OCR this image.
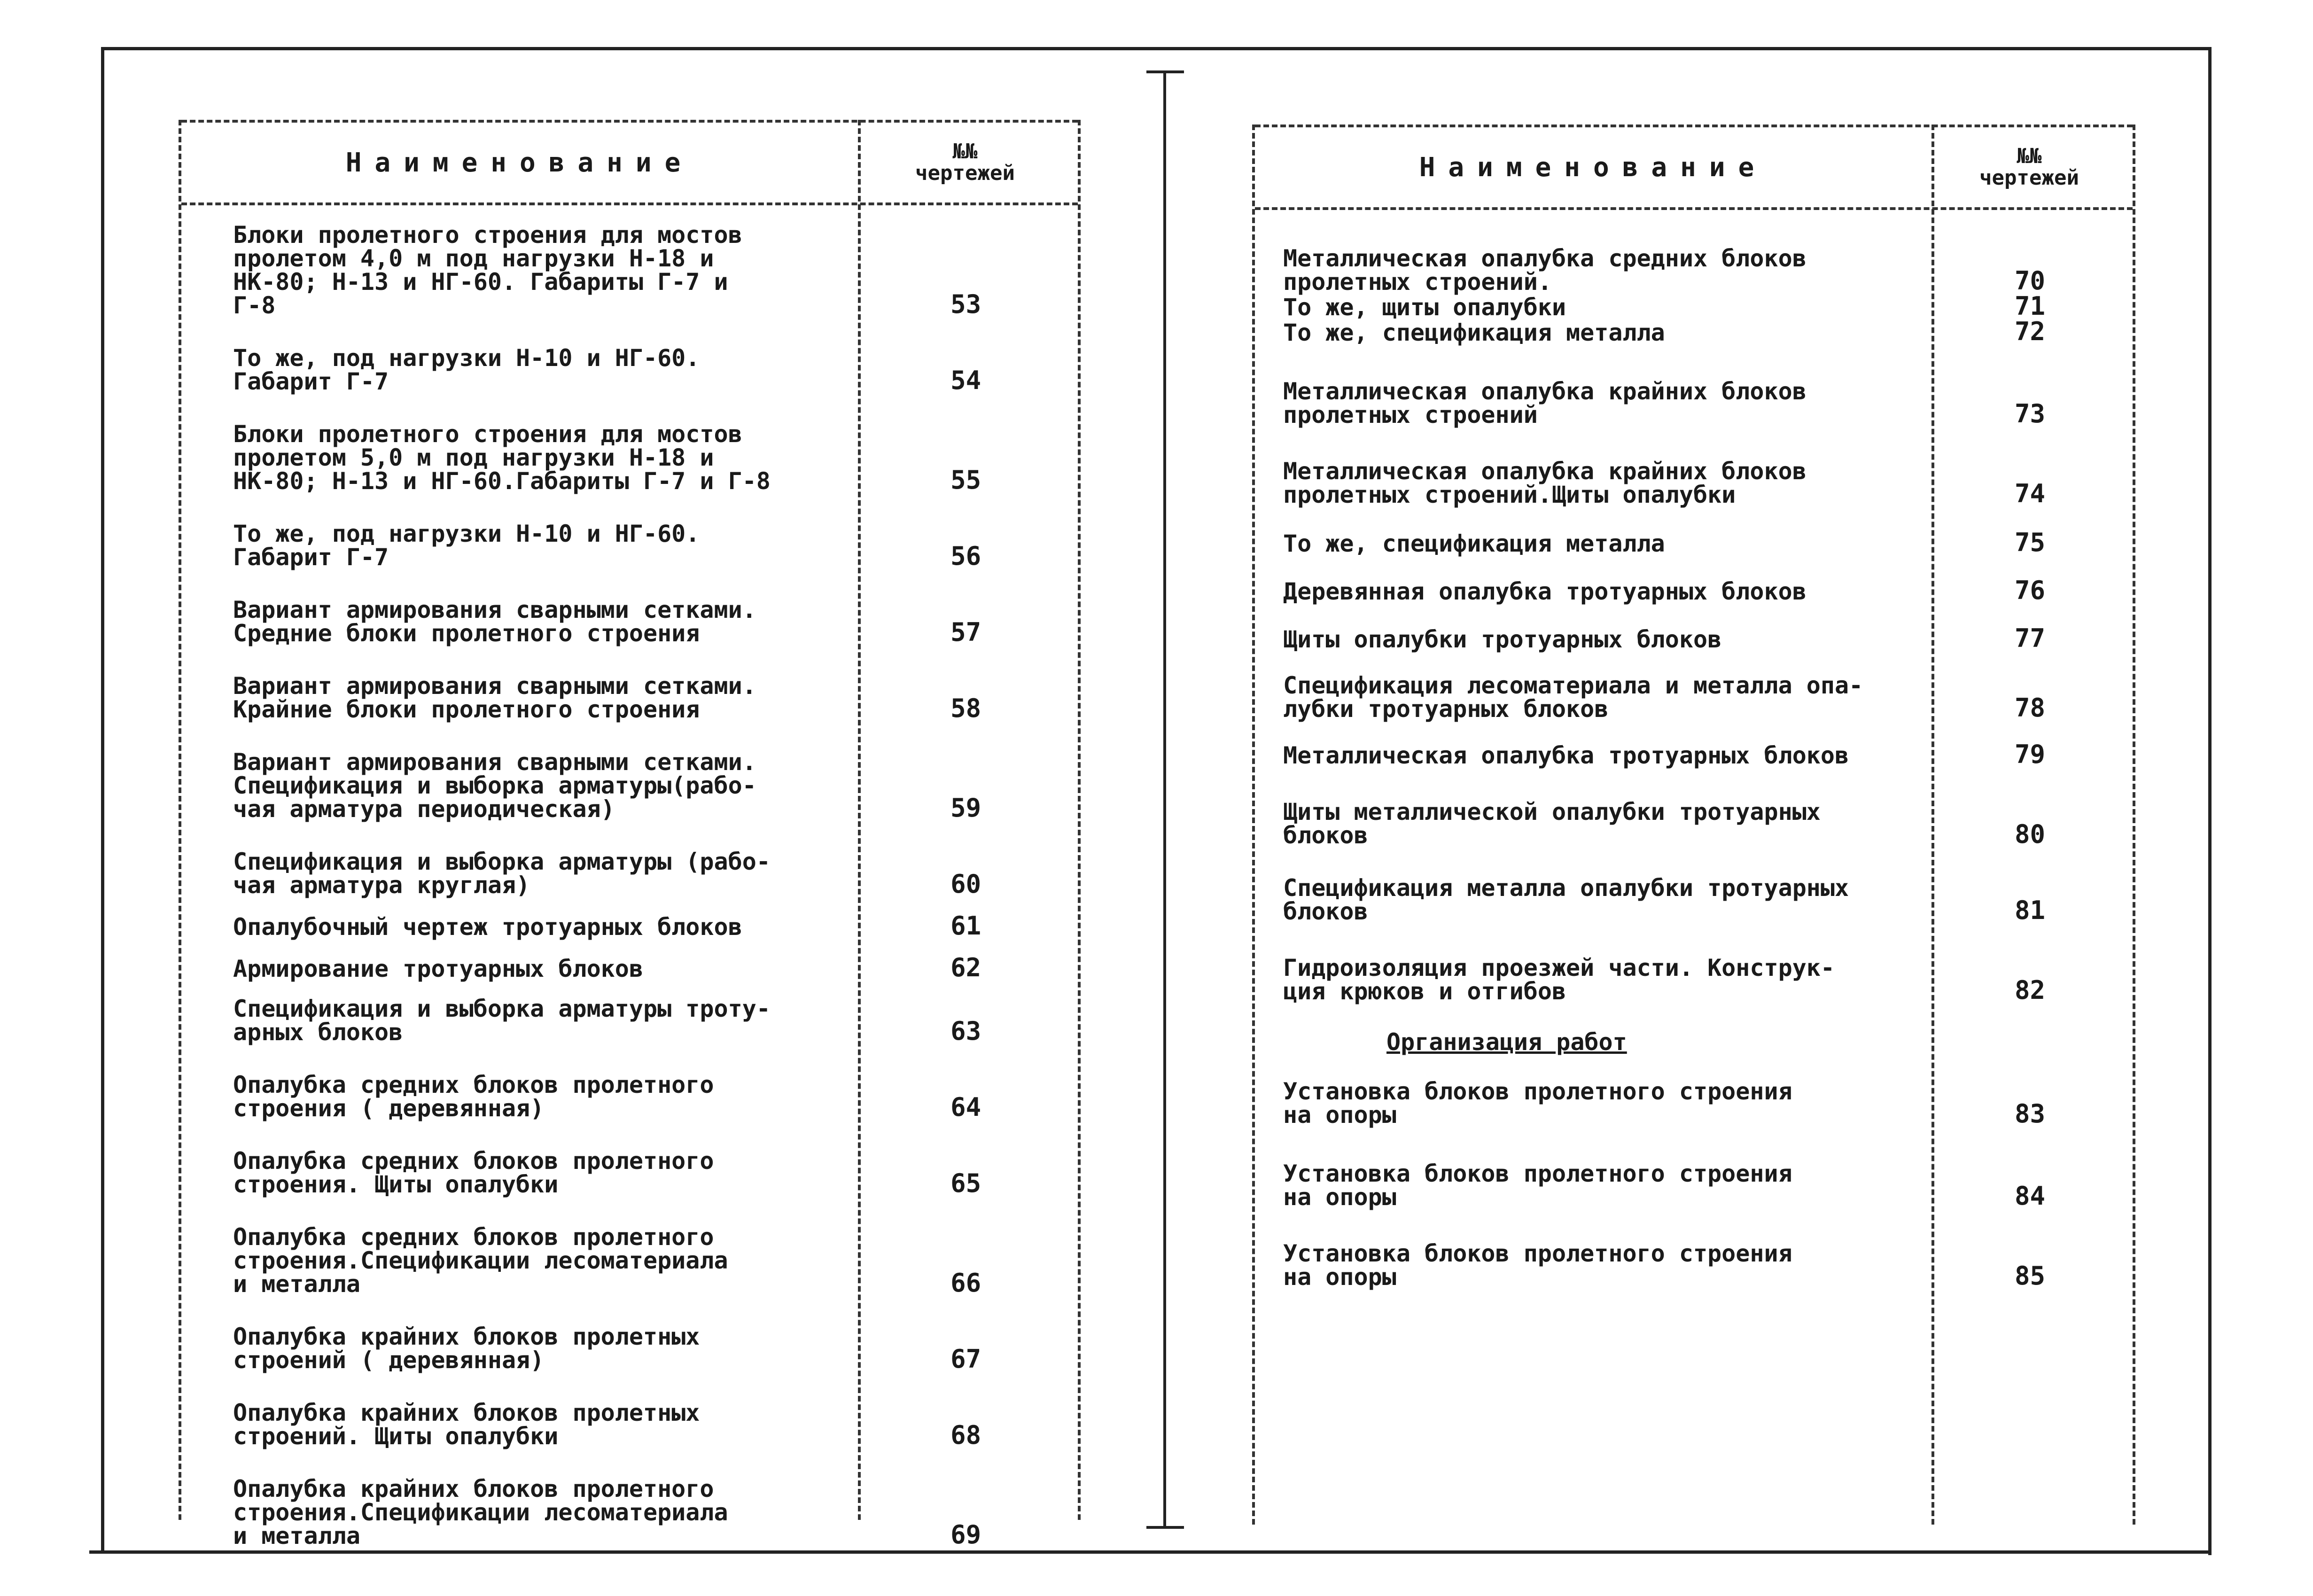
Наименование	№№
чертежей
Блоки пролетного строения для мостов
пролетом 4,0 м под нагрузки Н-18 и
НК-80; Н-13 и НГ-60. Габариты Г-7 и
Г-8	53
То же, под нагрузки Н-10 и НГ-60.
Габарит Г-7	54
Блоки пролетного строения для мостов
пролетом 5,0 м под нагрузки Н-18 и
НК-80; Н-13 и НГ-60.Габариты Г-7 и Г-8	55
То же, под нагрузки Н-10 и НГ-60.
Габарит Г-7	56
Вариант армирования сварными сетками.
Средние блоки пролетного строения	57
Вариант армирования сварными сетками.
Крайние блоки пролетного строения	58
Вариант армирования сварными сетками.
Спецификация и выборка арматуры(рабо-
чая арматура периодическая)	59
Спецификация и выборка арматуры (рабо-
чая арматура круглая)	60
Опалубочный чертеж тротуарных блоков	61
Армирование тротуарных блоков	62
Спецификация и выборка арматуры троту-
арных блоков	63
Опалубка средних блоков пролетного
строения ( деревянная)	64
Опалубка средних блоков пролетного
строения. Щиты опалубки	65
Опалубка средних блоков пролетного
строения.Спецификации лесоматериала
и металла	66
Опалубка крайних блоков пролетных
строений ( деревянная)	67
Опалубка крайних блоков пролетных
строений. Щиты опалубки	68
Опалубка крайних блоков пролетного
строения.Спецификации лесоматериала
и металла	69
Наименование	№№
чертежей
Металлическая опалубка средних блоков
пролетных строений.	70
То же, щиты опалубки	71
То же, спецификация металла	72
Металлическая опалубка крайних блоков
пролетных строений	73
Металлическая опалубка крайних блоков
пролетных строений.Щиты опалубки	74
То же, спецификация металла	75
Деревянная опалубка тротуарных блоков	76
Щиты опалубки тротуарных блоков	77
Спецификация лесоматериала и металла опа-
лубки тротуарных блоков	78
Металлическая опалубка тротуарных блоков	79
Щиты металлической опалубки тротуарных
блоков	80
Спецификация металла опалубки тротуарных
блоков	81
Гидроизоляция проезжей части. Конструк-
ция крюков и отгибов	82
Организация работ
Установка блоков пролетного строения
на опоры	83
Установка блоков пролетного строения
на опоры	84
Установка блоков пролетного строения
на опоры	85
